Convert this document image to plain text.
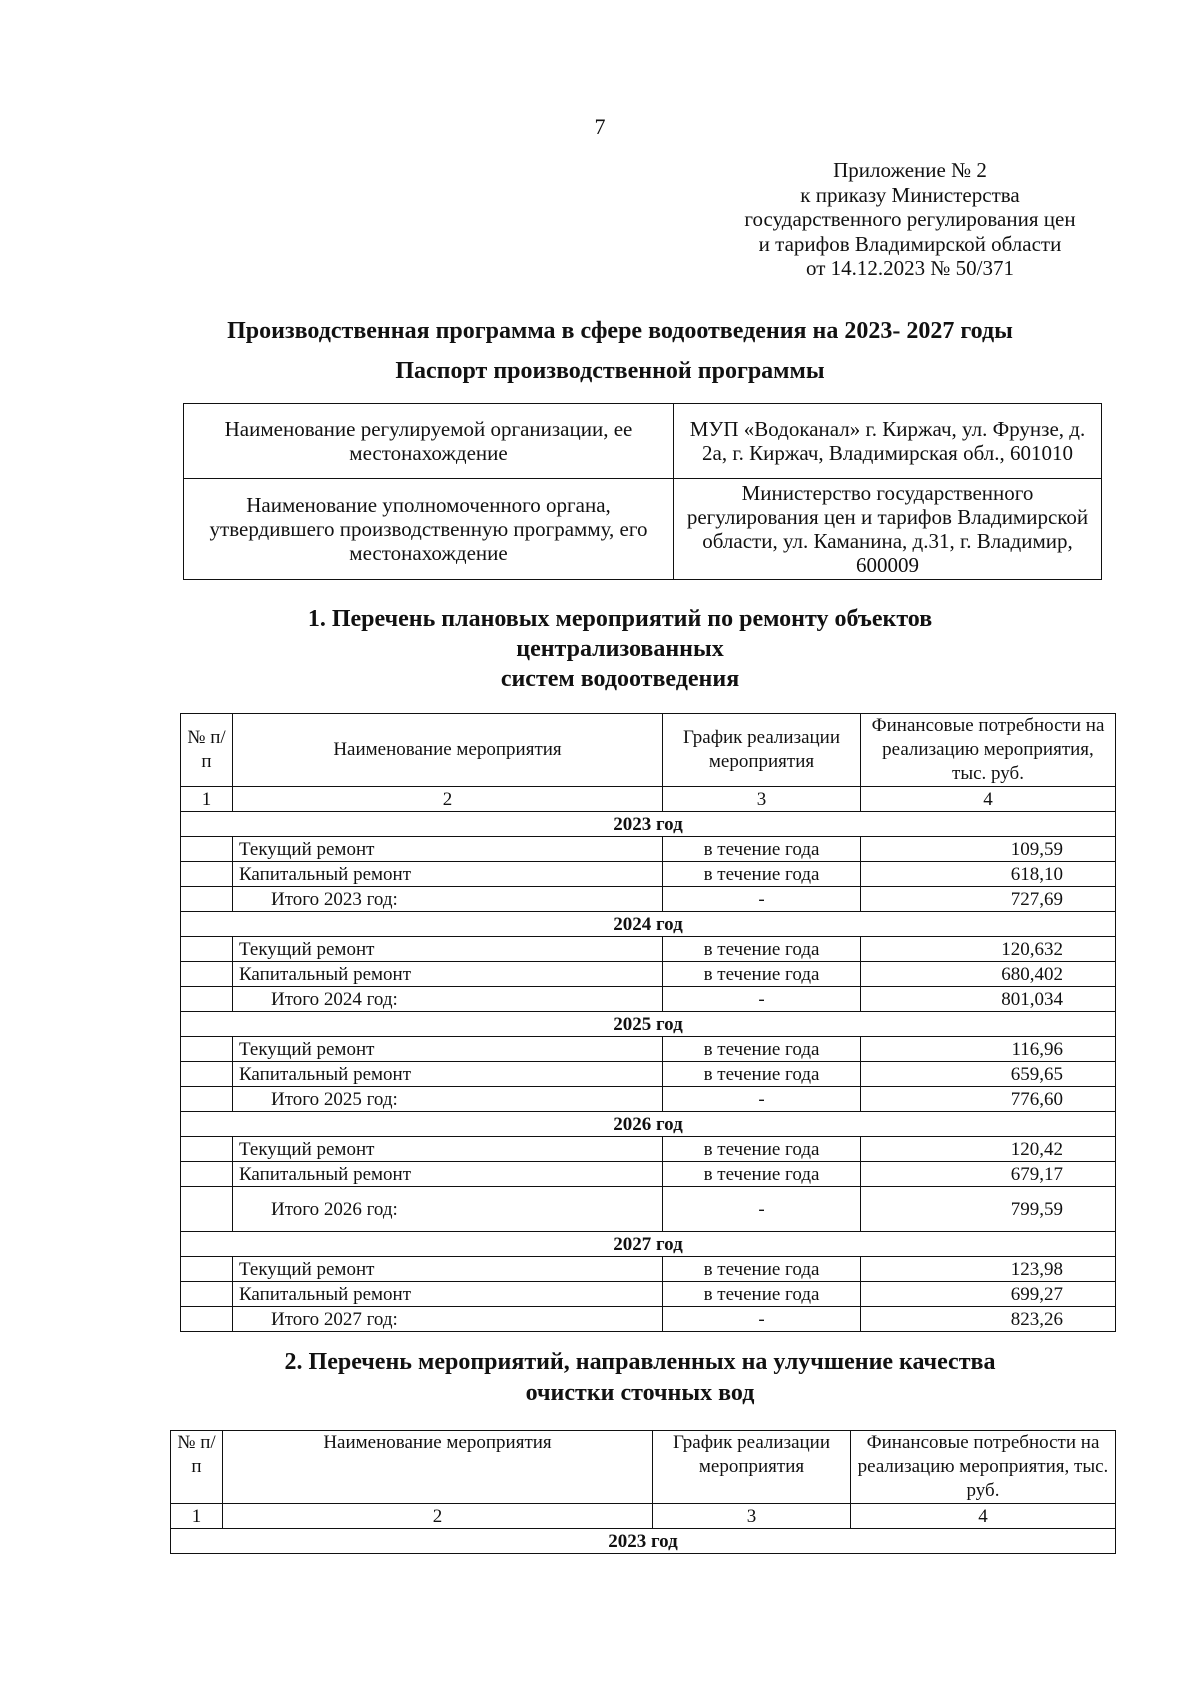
7
Приложение № 2
к приказу Министерства
государственного регулирования цен
и тарифов Владимирской области
от 14.12.2023 № 50/371
Производственная программа в сфере водоотведения на 2023- 2027 годы
Паспорт производственной программы
Наименование регулируемой организации, ее местонахождение	МУП «Водоканал» г. Киржач, ул. Фрунзе, д. 2а, г. Киржач, Владимирская обл., 601010
Наименование уполномоченного органа, утвердившего производственную программу, его местонахождение	Министерство государственного регулирования цен и тарифов Владимирской области, ул. Каманина, д.31, г. Владимир, 600009
1. Перечень плановых мероприятий по ремонту объектов
централизованных
систем водоотведения
№ п/п	Наименование мероприятия	График реализации мероприятия	Финансовые потребности на реализацию мероприятия, тыс. руб.
1	2	3	4
2023 год			
	Текущий ремонт	в течение года	109,59
	Капитальный ремонт	в течение года	618,10
	Итого 2023 год:	-	727,69
2024 год			
	Текущий ремонт	в течение года	120,632
	Капитальный ремонт	в течение года	680,402
	Итого 2024 год:	-	801,034
2025 год			
	Текущий ремонт	в течение года	116,96
	Капитальный ремонт	в течение года	659,65
	Итого 2025 год:	-	776,60
2026 год			
	Текущий ремонт	в течение года	120,42
	Капитальный ремонт	в течение года	679,17
	Итого 2026 год:	-	799,59
2027 год			
	Текущий ремонт	в течение года	123,98
	Капитальный ремонт	в течение года	699,27
	Итого 2027 год:	-	823,26
2. Перечень мероприятий, направленных на улучшение качества
очистки сточных вод
№ п/п	Наименование мероприятия	График реализации мероприятия	Финансовые потребности на реализацию мероприятия, тыс. руб.
1	2	3	4
2023 год			
